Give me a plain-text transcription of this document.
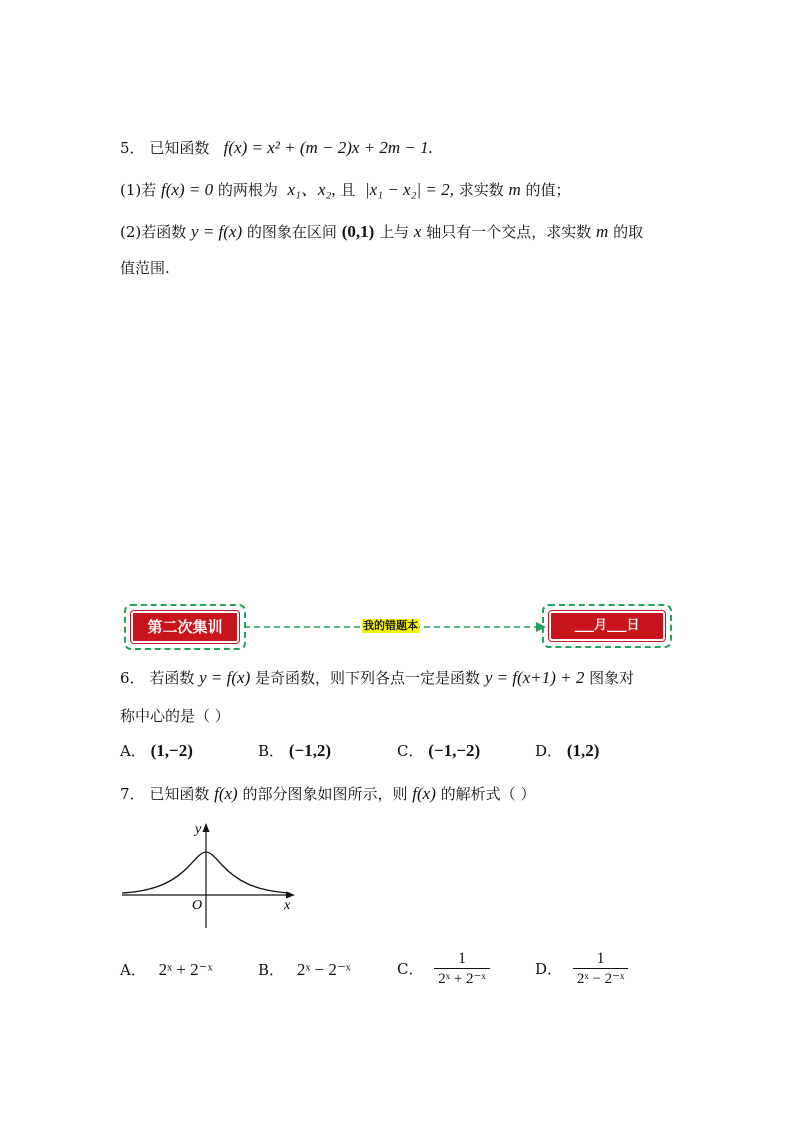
5． 已知函数 f(x) = x² + (m − 2)x + 2m − 1.
(1)若 f(x) = 0 的两根为 x₁、x₂, 且 |x₁ − x₂| = 2, 求实数 m 的值；
(2)若函数 y = f(x) 的图象在区间 (0,1) 上与 x 轴只有一个交点，求实数 m 的取
值范围.
第二次集训	我的错题本	___月___日
6． 若函数 y = f(x) 是奇函数，则下列各点一定是函数 y = f(x+1) + 2 图象对
称中心的是（ ）
A． (1,−2)	B． (−1,2)	C． (−1,−2)	D． (1,2)
7． 已知函数 f(x) 的部分图象如图所示，则 f(x) 的解析式（ ）
y
x
O
A． 2ˣ + 2⁻ˣ	B． 2ˣ − 2⁻ˣ	C． $\frac{1}{\text{2ˣ + 2⁻ˣ}}$	D． $\frac{1}{\text{2ˣ − 2⁻ˣ}}$
